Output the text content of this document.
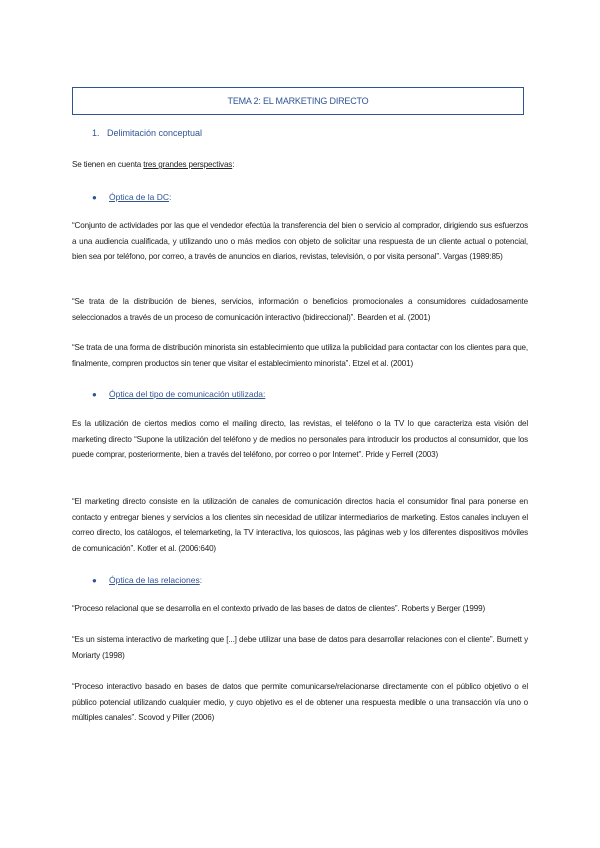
TEMA 2: EL MARKETING DIRECTO
1. Delimitación conceptual

Se tienen en cuenta tres grandes perspectivas:

● Óptica de la DC:

“Conjunto de actividades por las que el vendedor efectúa la transferencia del bien o servicio al comprador, dirigiendo sus esfuerzos a una audiencia cualificada, y utilizando uno o más medios con objeto de solicitar una respuesta de un cliente actual o potencial, bien sea por teléfono, por correo, a través de anuncios en diarios, revistas, televisión, o por visita personal”. Vargas (1989:85)

“Se trata de la distribución de bienes, servicios, información o beneficios promocionales a consumidores cuidadosamente seleccionados a través de un proceso de comunicación interactivo (bidireccional)”. Bearden et al. (2001)

“Se trata de una forma de distribución minorista sin establecimiento que utiliza la publicidad para contactar con los clientes para que, finalmente, compren productos sin tener que visitar el establecimiento minorista”. Etzel et al. (2001)

● Óptica del tipo de comunicación utilizada:

Es la utilización de ciertos medios como el mailing directo, las revistas, el teléfono o la TV lo que caracteriza esta visión del marketing directo “Supone la utilización del teléfono y de medios no personales para introducir los productos al consumidor, que los puede comprar, posteriormente, bien a través del teléfono, por correo o por Internet”. Pride y Ferrell (2003)

“El marketing directo consiste en la utilización de canales de comunicación directos hacia el consumidor final para ponerse en contacto y entregar bienes y servicios a los clientes sin necesidad de utilizar intermediarios de marketing. Estos canales incluyen el correo directo, los catálogos, el telemarketing, la TV interactiva, los quioscos, las páginas web y los diferentes dispositivos móviles de comunicación”. Kotler et al. (2006:640)

● Óptica de las relaciones:

“Proceso relacional que se desarrolla en el contexto privado de las bases de datos de clientes”. Roberts y Berger (1999)

“Es un sistema interactivo de marketing que [...] debe utilizar una base de datos para desarrollar relaciones con el cliente”. Burnett y Moriarty (1998)

“Proceso interactivo basado en bases de datos que permite comunicarse/relacionarse directamente con el público objetivo o el público potencial utilizando cualquier medio, y cuyo objetivo es el de obtener una respuesta medible o una transacción vía uno o múltiples canales”. Scovod y Piller (2006)
